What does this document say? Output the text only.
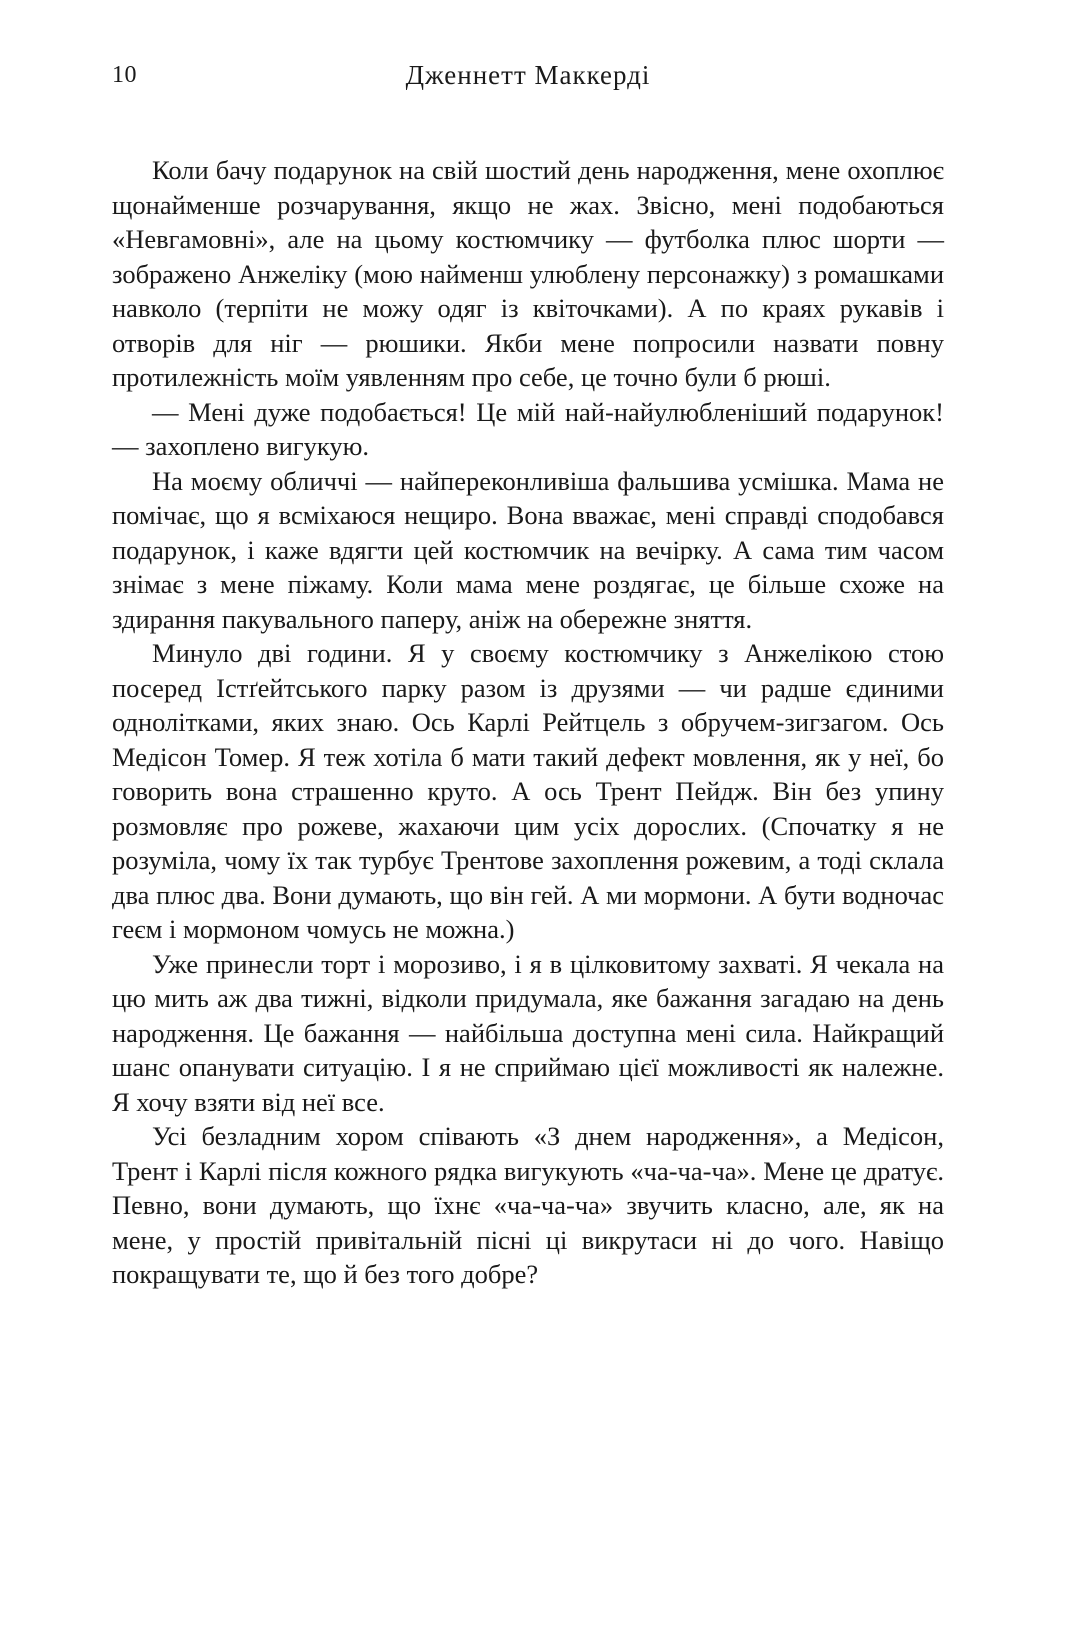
10	Дженнетт Маккерді

Коли бачу подарунок на свій шостий день народження, мене охоплює щонайменше розчарування, якщо не жах. Звісно, мені подобаються «Невгамовні», але на цьому костюмчику — футболка плюс шорти — зображено Анжеліку (мою найменш улюблену персонажку) з ромашками навколо (терпіти не можу одяг із квіточками). А по краях рукавів і отворів для ніг — рюшики. Якби мене попросили назвати повну протилежність моїм уявленням про себе, це точно були б рюші.

— Мені дуже подобається! Це мій най-найулюбленіший подарунок! — захоплено вигукую.

На моєму обличчі — найпереконливіша фальшива усмішка. Мама не помічає, що я всміхаюся нещиро. Вона вважає, мені справді сподобався подарунок, і каже вдягти цей костюмчик на вечірку. А сама тим часом знімає з мене піжаму. Коли мама мене роздягає, це більше схоже на здирання пакувального паперу, аніж на обережне зняття.

Минуло дві години. Я у своєму костюмчику з Анжелікою стою посеред Істґейтського парку разом із друзями — чи радше єдиними однолітками, яких знаю. Ось Карлі Рейтцель з обручем-зигзагом. Ось Медісон Томер. Я теж хотіла б мати такий дефект мовлення, як у неї, бо говорить вона страшенно круто. А ось Трент Пейдж. Він без упину розмовляє про рожеве, жахаючи цим усіх дорослих. (Спочатку я не розуміла, чому їх так турбує Трентове захоплення рожевим, а тоді склала два плюс два. Вони думають, що він гей. А ми мормони. А бути водночас геєм і мормоном чомусь не можна.)

Уже принесли торт і морозиво, і я в цілковитому захваті. Я чекала на цю мить аж два тижні, відколи придумала, яке бажання загадаю на день народження. Це бажання — найбільша доступна мені сила. Найкращий шанс опанувати ситуацію. І я не сприймаю цієї можливості як належне. Я хочу взяти від неї все.

Усі безладним хором співають «З днем народження», а Медісон, Трент і Карлі після кожного рядка вигукують «ча-ча-ча». Мене це дратує. Певно, вони думають, що їхнє «ча-ча-ча» звучить класно, але, як на мене, у простій привітальній пісні ці викрутаси ні до чого. Навіщо покращувати те, що й без того добре?
